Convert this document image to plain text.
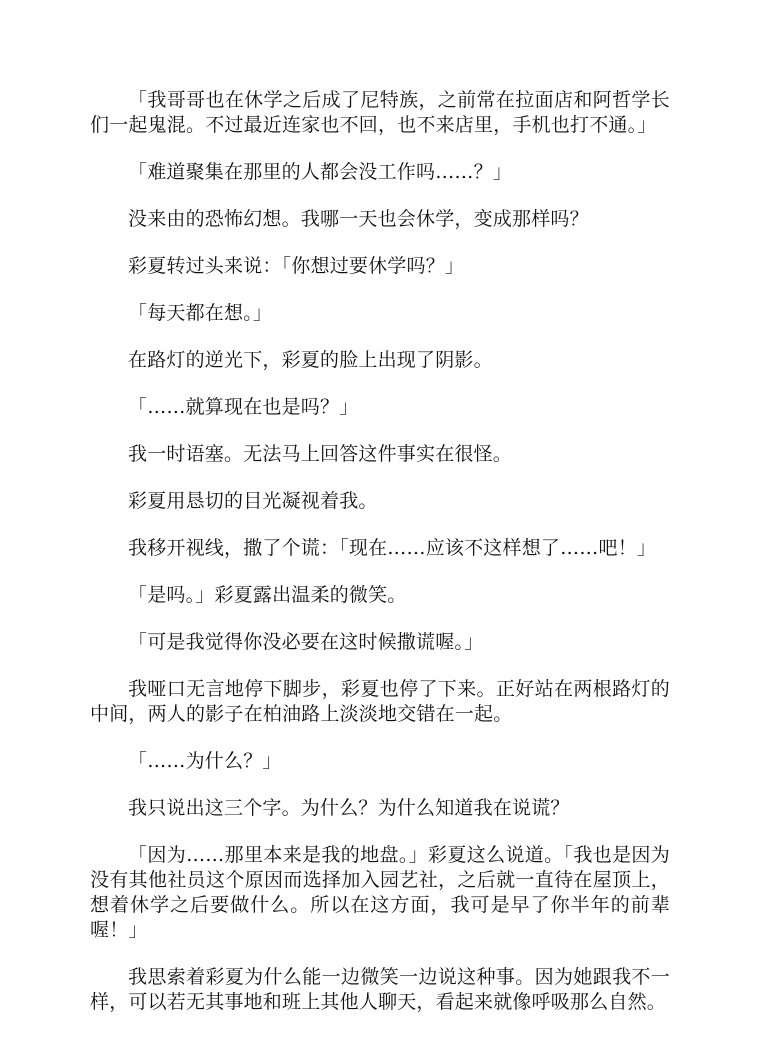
「我哥哥也在休学之后成了尼特族，之前常在拉面店和阿哲学长们一起鬼混。不过最近连家也不回，也不来店里，手机也打不通。」

「难道聚集在那里的人都会没工作吗……？」

没来由的恐怖幻想。我哪一天也会休学，变成那样吗？

彩夏转过头来说：「你想过要休学吗？」

「每天都在想。」

在路灯的逆光下，彩夏的脸上出现了阴影。

「……就算现在也是吗？」

我一时语塞。无法马上回答这件事实在很怪。

彩夏用恳切的目光凝视着我。

我移开视线，撒了个谎：「现在……应该不这样想了……吧！」

「是吗。」彩夏露出温柔的微笑。

「可是我觉得你没必要在这时候撒谎喔。」

我哑口无言地停下脚步，彩夏也停了下来。正好站在两根路灯的中间，两人的影子在柏油路上淡淡地交错在一起。

「……为什么？」

我只说出这三个字。为什么？为什么知道我在说谎？

「因为……那里本来是我的地盘。」彩夏这么说道。「我也是因为没有其他社员这个原因而选择加入园艺社，之后就一直待在屋顶上，想着休学之后要做什么。所以在这方面，我可是早了你半年的前辈喔！」

我思索着彩夏为什么能一边微笑一边说这种事。因为她跟我不一样，可以若无其事地和班上其他人聊天，看起来就像呼吸那么自然。
